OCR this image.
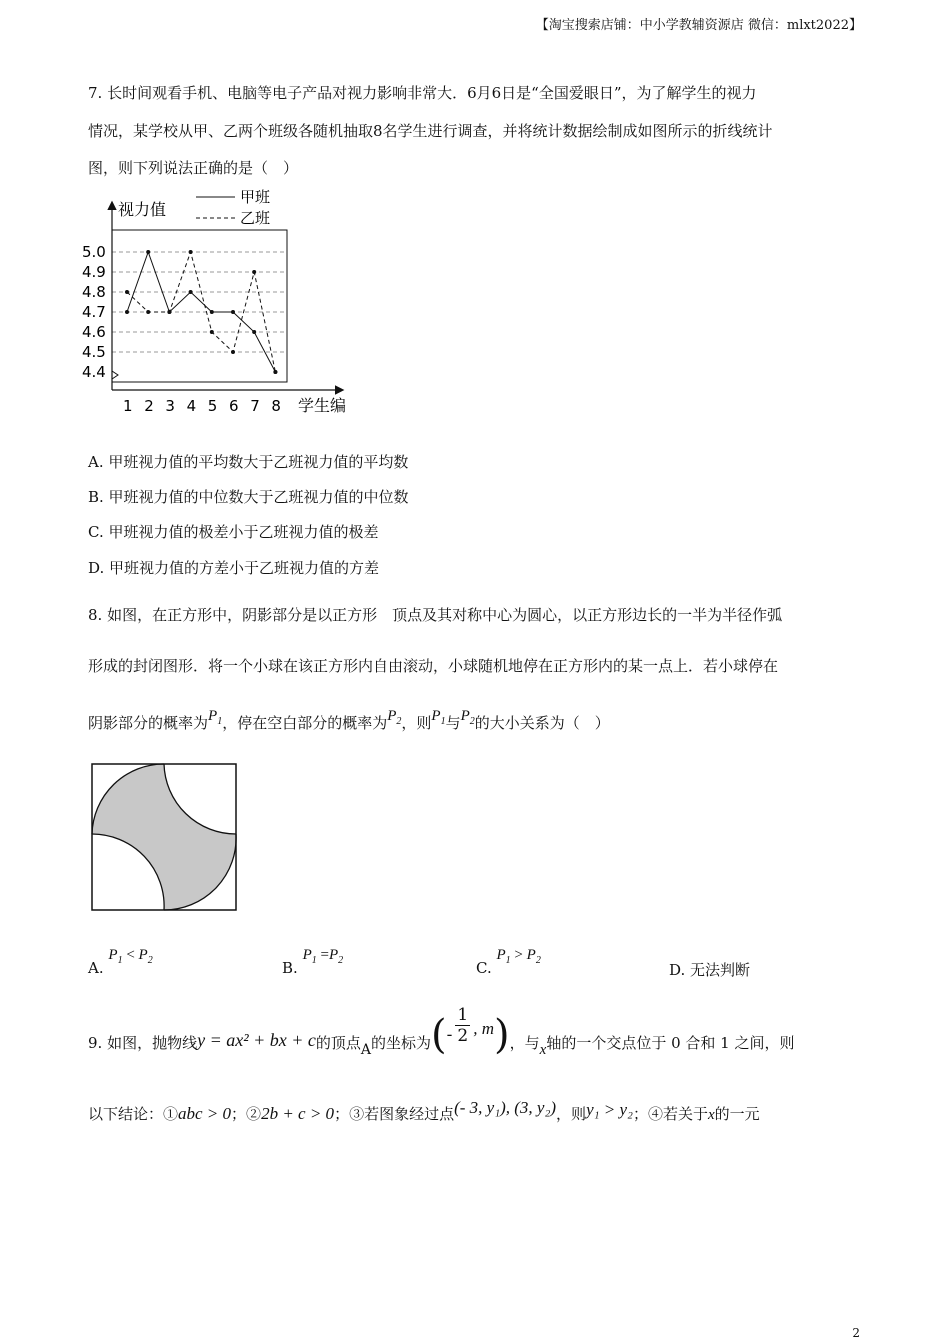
【淘宝搜索店铺：中小学教辅资源店 微信：mlxt2022】
7. 长时间观看手机、电脑等电子产品对视力影响非常大．6月6日是“全国爱眼日”，为了解学生的视力
情况，某学校从甲、乙两个班级各随机抽取8名学生进行调查，并将统计数据绘制成如图所示的折线统计
图，则下列说法正确的是（　）
视力值
学生编
甲班
乙班
5.0
4.9
4.8
4.7
4.6
4.5
4.4
1 2 3 4 5 6 7 8
A. 甲班视力值的平均数大于乙班视力值的平均数
B. 甲班视力值的中位数大于乙班视力值的中位数
C. 甲班视力值的极差小于乙班视力值的极差
D. 甲班视力值的方差小于乙班视力值的方差
8. 如图，在正方形中，阴影部分是以正方形　顶点及其对称中心为圆心，以正方形边长的一半为半径作弧
形成的封闭图形．将一个小球在该正方形内自由滚动，小球随机地停在正方形内的某一点上．若小球停在
阴影部分的概率为$P_1$，停在空白部分的概率为$P_2$，则$P_1$与$P_2$的大小关系为（　）
A. $P_1 < P_2$	B. $P_1 =P_2$	C. $P_1 > P_2$
D. 无法判断
9. 如图，抛物线y = ax² + bx + c的顶点A的坐标为(- $\frac{1}{2}$ , m)，与x轴的一个交点位于 0 合和 1 之间，则
以下结论：①abc > 0；②2b + c > 0；③若图象经过点(- 3, y₁), (3, y₂)，则y₁ > y₂；④若关于x的一元
2
